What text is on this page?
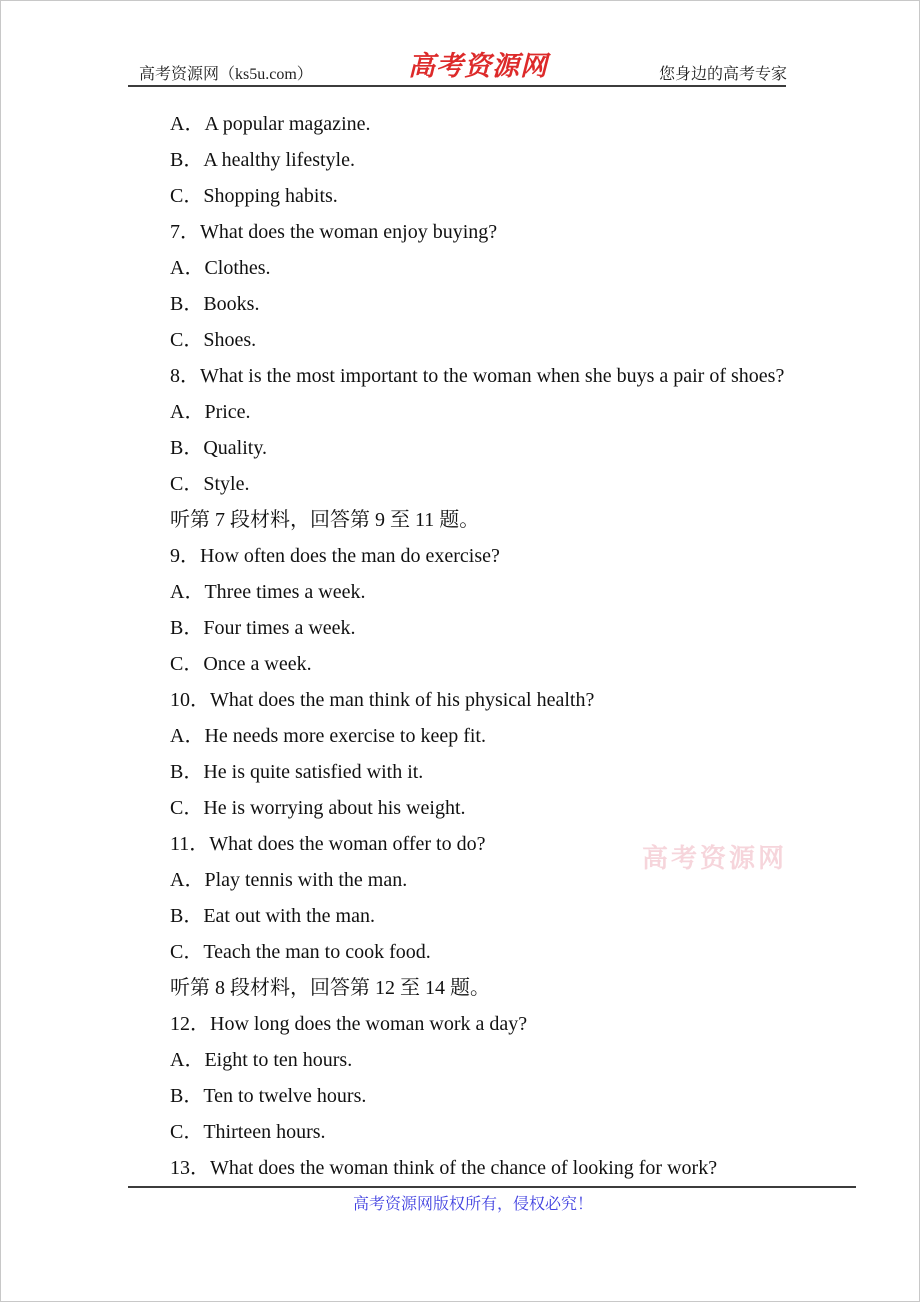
高考资源网（ks5u.com）	高考资源网	您身边的高考专家
A．A popular magazine.
B．A healthy lifestyle.
C．Shopping habits.
7．What does the woman enjoy buying?
A．Clothes.
B．Books.
C．Shoes.
8．What is the most important to the woman when she buys a pair of shoes?
A．Price.
B．Quality.
C．Style.
听第 7 段材料，回答第 9 至 11 题。
9．How often does the man do exercise?
A．Three times a week.
B．Four times a week.
C．Once a week.
10．What does the man think of his physical health?
A．He needs more exercise to keep fit.
B．He is quite satisfied with it.
C．He is worrying about his weight.
11．What does the woman offer to do?
A．Play tennis with the man.
B．Eat out with the man.
C．Teach the man to cook food.
听第 8 段材料，回答第 12 至 14 题。
12．How long does the woman work a day?
A．Eight to ten hours.
B．Ten to twelve hours.
C．Thirteen hours.
13．What does the woman think of the chance of looking for work?
高考资源网
高考资源网版权所有，侵权必究！
